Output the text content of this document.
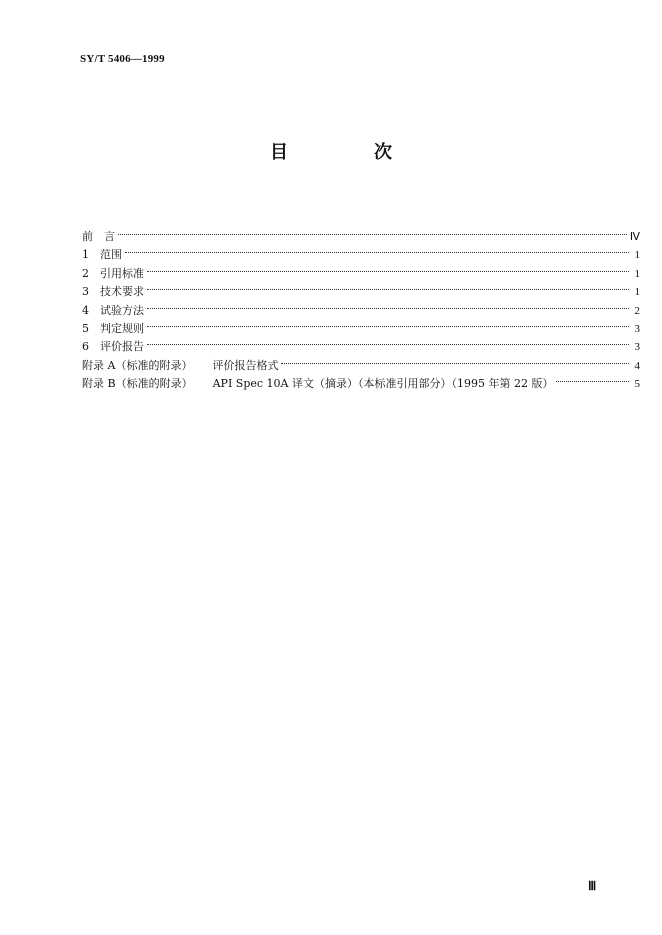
SY/T 5406—1999
目　次
前　言	Ⅳ
1 范围	1
2 引用标准	1
3 技术要求	1
4 试验方法	2
5 判定规则	3
6 评价报告	3
附录 A（标准的附录） 评价报告格式	4
附录 B（标准的附录） API Spec 10A 译文（摘录）（本标准引用部分）（1995 年第 22 版）	5
Ⅲ
